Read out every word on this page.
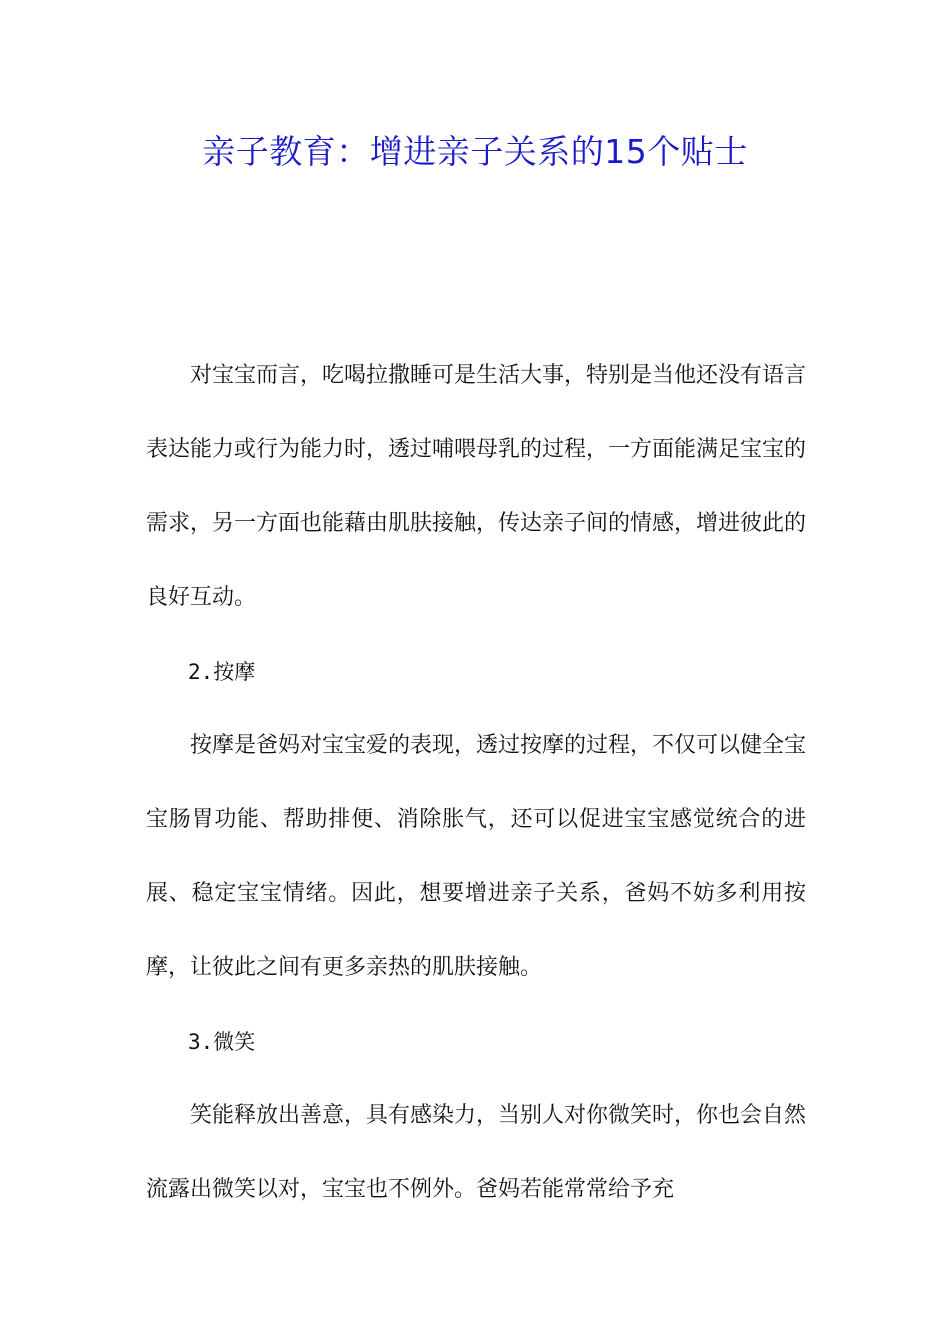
亲子教育：增进亲子关系的15个贴士

对宝宝而言，吃喝拉撒睡可是生活大事，特别是当他还没有语言表达能力或行为能力时，透过哺喂母乳的过程，一方面能满足宝宝的需求，另一方面也能藉由肌肤接触，传达亲子间的情感，增进彼此的良好互动。

2.按摩

按摩是爸妈对宝宝爱的表现，透过按摩的过程，不仅可以健全宝宝肠胃功能、帮助排便、消除胀气，还可以促进宝宝感觉统合的进展、稳定宝宝情绪。因此，想要增进亲子关系，爸妈不妨多利用按摩，让彼此之间有更多亲热的肌肤接触。

3.微笑

笑能释放出善意，具有感染力，当别人对你微笑时，你也会自然流露出微笑以对，宝宝也不例外。爸妈若能常常给予充
